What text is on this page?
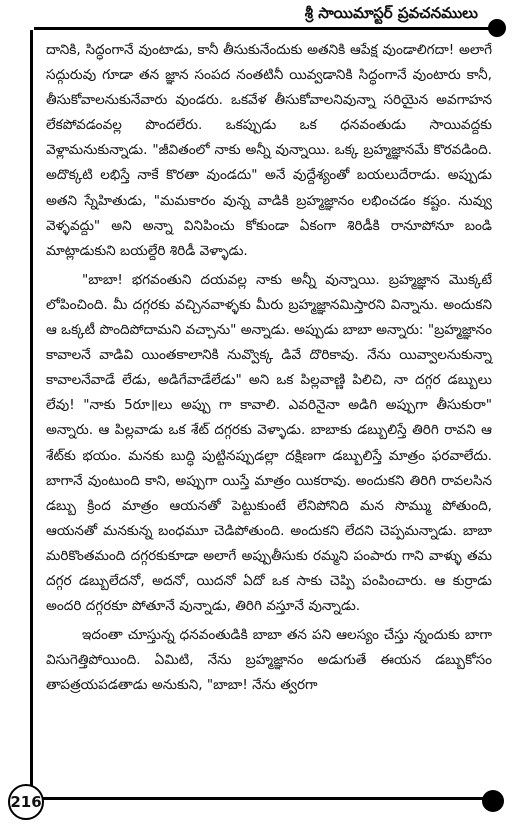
శ్రీ సాయిమాస్టర్ ప్రవచనములు

దానికి, సిద్ధంగానే వుంటాడు, కానీ తీసుకునేందుకు అతనికి ఆపేక్ష వుండాలిగదా! అలాగే సద్గురువు గూడా తన జ్ఞాన సంపద నంతటినీ యివ్వడానికి సిద్ధంగానే వుంటారు కానీ, తీసుకోవాలనుకునేవారు వుండరు. ఒకవేళ తీసుకోవాలనివున్నా సరియైన అవగాహన లేకపోవడంవల్ల పొందలేరు. ఒకప్పుడు ఒక ధనవంతుడు సాయివద్దకు వెళ్లామనుకున్నాడు. "జీవితంలో నాకు అన్నీ వున్నాయి. ఒక్క బ్రహ్మజ్ఞానమే కొరవడింది. అదొక్కటి లభిస్తే నాకే కొరతా వుండదు" అనే వుద్దేశ్యంతో బయలుదేరాడు. అప్పుడు అతని స్నేహితుడు, "మమకారం వున్న వాడికి బ్రహ్మజ్ఞానం లభించడం కష్టం. నువ్వు వెళ్ళవద్దు" అని అన్నా వినిపించు కోకుండా ఏకంగా శిరిడీకి రానూపోనూ బండి మాట్లాడుకుని బయల్దేరి శిరిడీ వెళ్ళాడు.

"బాబా! భగవంతుని దయవల్ల నాకు అన్నీ వున్నాయి. బ్రహ్మజ్ఞాన మొక్కటే లోపించింది. మీ దగ్గరకు వచ్చినవాళ్ళకు మీరు బ్రహ్మజ్ఞానమిస్తారని విన్నాను. అందుకని ఆ ఒక్కటీ పొందిపోదామని వచ్చాను" అన్నాడు. అప్పుడు బాబా అన్నారు: "బ్రహ్మజ్ఞానం కావాలనే వాడివి యింతకాలానికి నువ్వొక్క డివే దొరికావు. నేను యివ్వాలనుకున్నా కావాలనేవాడే లేడు, అడిగేవాడేలేడు" అని ఒక పిల్లవాణ్ణి పిలిచి, నా దగ్గర డబ్బులు లేవు! "నాకు 5రూ॥లు అప్పు గా కావాలి. ఎవరినైనా అడిగి అప్పుగా తీసుకురా" అన్నారు. ఆ పిల్లవాడు ఒక శేట్ దగ్గరకు వెళ్ళాడు. బాబాకు డబ్బులిస్తే తిరిగి రావని ఆ శేట్‌కు భయం. మనకు బుద్ధి పుట్టినప్పుడల్లా దక్షిణగా డబ్బులిస్తే మాత్రం ఫరవాలేదు. బాగానే వుంటుంది కాని, అప్పుగా యిస్తే మాత్రం యికరావు. అందుకని తిరిగి రావలసిన డబ్బు క్రింద మాత్రం ఆయనతో పెట్టుకుంటే లేనిపోనిది మన సొమ్ము పోతుంది, ఆయనతో మనకున్న బంధమూ చెడిపోతుంది. అందుకని లేదని చెప్పమన్నాడు. బాబా మరికొంతమంది దగ్గరకుకూడా అలాగే అప్పుతీసుకు రమ్మని పంపారు గాని వాళ్ళు తమ దగ్గర డబ్బులేదనో, అదనో, యిదనో ఏదో ఒక సాకు చెప్పి పంపించారు. ఆ కుర్రాడు అందరి దగ్గరకూ పోతూనే వున్నాడు, తిరిగి వస్తూనే వున్నాడు.

ఇదంతా చూస్తున్న ధనవంతుడికి బాబా తన పని ఆలస్యం చేస్తు న్నందుకు బాగా విసుగెత్తిపోయింది. ఏమిటి, నేను బ్రహ్మజ్ఞానం అడుగుతే ఈయన డబ్బుకోసం తాపత్రయపడతాడు అనుకుని, "బాబా! నేను త్వరగా

216
